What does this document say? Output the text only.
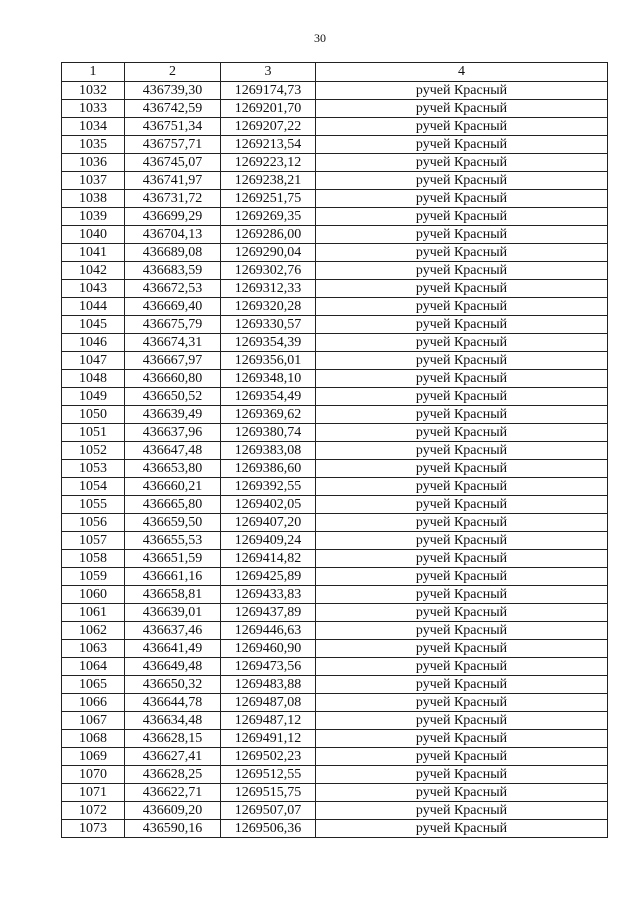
30
1	2	3	4
1032	436739,30	1269174,73	ручей Красный
1033	436742,59	1269201,70	ручей Красный
1034	436751,34	1269207,22	ручей Красный
1035	436757,71	1269213,54	ручей Красный
1036	436745,07	1269223,12	ручей Красный
1037	436741,97	1269238,21	ручей Красный
1038	436731,72	1269251,75	ручей Красный
1039	436699,29	1269269,35	ручей Красный
1040	436704,13	1269286,00	ручей Красный
1041	436689,08	1269290,04	ручей Красный
1042	436683,59	1269302,76	ручей Красный
1043	436672,53	1269312,33	ручей Красный
1044	436669,40	1269320,28	ручей Красный
1045	436675,79	1269330,57	ручей Красный
1046	436674,31	1269354,39	ручей Красный
1047	436667,97	1269356,01	ручей Красный
1048	436660,80	1269348,10	ручей Красный
1049	436650,52	1269354,49	ручей Красный
1050	436639,49	1269369,62	ручей Красный
1051	436637,96	1269380,74	ручей Красный
1052	436647,48	1269383,08	ручей Красный
1053	436653,80	1269386,60	ручей Красный
1054	436660,21	1269392,55	ручей Красный
1055	436665,80	1269402,05	ручей Красный
1056	436659,50	1269407,20	ручей Красный
1057	436655,53	1269409,24	ручей Красный
1058	436651,59	1269414,82	ручей Красный
1059	436661,16	1269425,89	ручей Красный
1060	436658,81	1269433,83	ручей Красный
1061	436639,01	1269437,89	ручей Красный
1062	436637,46	1269446,63	ручей Красный
1063	436641,49	1269460,90	ручей Красный
1064	436649,48	1269473,56	ручей Красный
1065	436650,32	1269483,88	ручей Красный
1066	436644,78	1269487,08	ручей Красный
1067	436634,48	1269487,12	ручей Красный
1068	436628,15	1269491,12	ручей Красный
1069	436627,41	1269502,23	ручей Красный
1070	436628,25	1269512,55	ручей Красный
1071	436622,71	1269515,75	ручей Красный
1072	436609,20	1269507,07	ручей Красный
1073	436590,16	1269506,36	ручей Красный
